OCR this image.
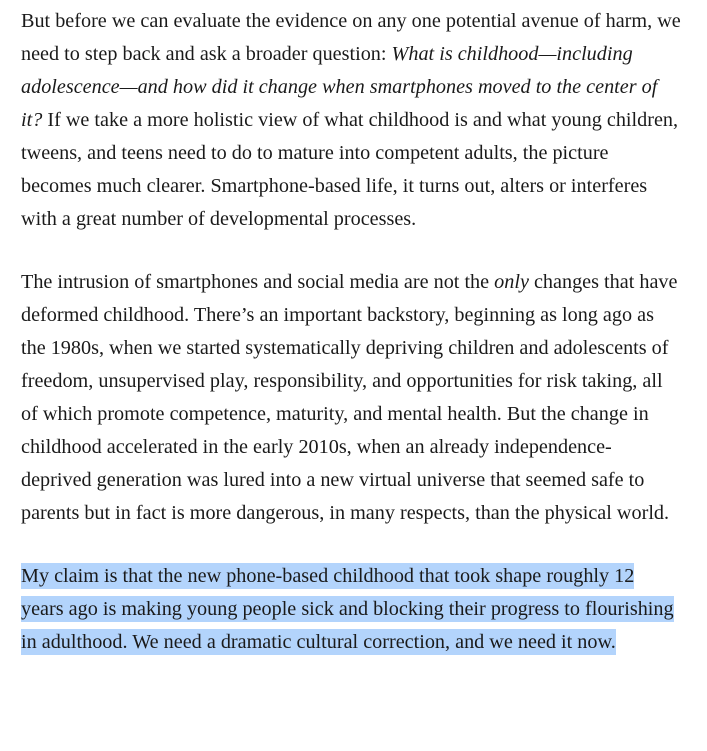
But before we can evaluate the evidence on any one potential avenue of harm, we need to step back and ask a broader question: What is childhood—including adolescence—and how did it change when smartphones moved to the center of it? If we take a more holistic view of what childhood is and what young children, tweens, and teens need to do to mature into competent adults, the picture becomes much clearer. Smartphone-based life, it turns out, alters or interferes with a great number of developmental processes.

The intrusion of smartphones and social media are not the only changes that have deformed childhood. There’s an important backstory, beginning as long ago as the 1980s, when we started systematically depriving children and adolescents of freedom, unsupervised play, responsibility, and opportunities for risk taking, all of which promote competence, maturity, and mental health. But the change in childhood accelerated in the early 2010s, when an already independence-deprived generation was lured into a new virtual universe that seemed safe to parents but in fact is more dangerous, in many respects, than the physical world.

My claim is that the new phone-based childhood that took shape roughly 12 years ago is making young people sick and blocking their progress to flourishing in adulthood. We need a dramatic cultural correction, and we need it now.
